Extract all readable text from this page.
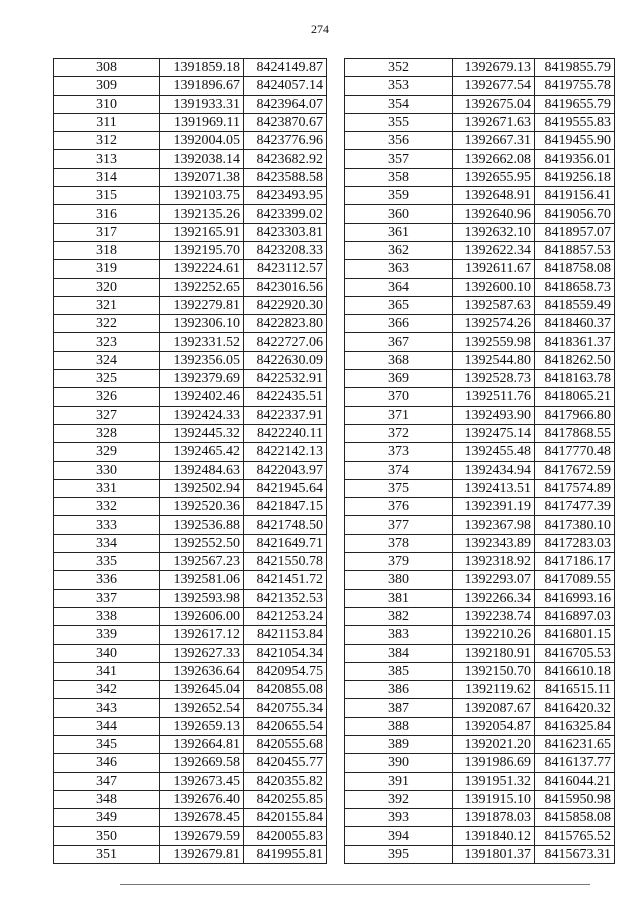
274
308	1391859.18	8424149.87
309	1391896.67	8424057.14
310	1391933.31	8423964.07
311	1391969.11	8423870.67
312	1392004.05	8423776.96
313	1392038.14	8423682.92
314	1392071.38	8423588.58
315	1392103.75	8423493.95
316	1392135.26	8423399.02
317	1392165.91	8423303.81
318	1392195.70	8423208.33
319	1392224.61	8423112.57
320	1392252.65	8423016.56
321	1392279.81	8422920.30
322	1392306.10	8422823.80
323	1392331.52	8422727.06
324	1392356.05	8422630.09
325	1392379.69	8422532.91
326	1392402.46	8422435.51
327	1392424.33	8422337.91
328	1392445.32	8422240.11
329	1392465.42	8422142.13
330	1392484.63	8422043.97
331	1392502.94	8421945.64
332	1392520.36	8421847.15
333	1392536.88	8421748.50
334	1392552.50	8421649.71
335	1392567.23	8421550.78
336	1392581.06	8421451.72
337	1392593.98	8421352.53
338	1392606.00	8421253.24
339	1392617.12	8421153.84
340	1392627.33	8421054.34
341	1392636.64	8420954.75
342	1392645.04	8420855.08
343	1392652.54	8420755.34
344	1392659.13	8420655.54
345	1392664.81	8420555.68
346	1392669.58	8420455.77
347	1392673.45	8420355.82
348	1392676.40	8420255.85
349	1392678.45	8420155.84
350	1392679.59	8420055.83
351	1392679.81	8419955.81
352	1392679.13	8419855.79
353	1392677.54	8419755.78
354	1392675.04	8419655.79
355	1392671.63	8419555.83
356	1392667.31	8419455.90
357	1392662.08	8419356.01
358	1392655.95	8419256.18
359	1392648.91	8419156.41
360	1392640.96	8419056.70
361	1392632.10	8418957.07
362	1392622.34	8418857.53
363	1392611.67	8418758.08
364	1392600.10	8418658.73
365	1392587.63	8418559.49
366	1392574.26	8418460.37
367	1392559.98	8418361.37
368	1392544.80	8418262.50
369	1392528.73	8418163.78
370	1392511.76	8418065.21
371	1392493.90	8417966.80
372	1392475.14	8417868.55
373	1392455.48	8417770.48
374	1392434.94	8417672.59
375	1392413.51	8417574.89
376	1392391.19	8417477.39
377	1392367.98	8417380.10
378	1392343.89	8417283.03
379	1392318.92	8417186.17
380	1392293.07	8417089.55
381	1392266.34	8416993.16
382	1392238.74	8416897.03
383	1392210.26	8416801.15
384	1392180.91	8416705.53
385	1392150.70	8416610.18
386	1392119.62	8416515.11
387	1392087.67	8416420.32
388	1392054.87	8416325.84
389	1392021.20	8416231.65
390	1391986.69	8416137.77
391	1391951.32	8416044.21
392	1391915.10	8415950.98
393	1391878.03	8415858.08
394	1391840.12	8415765.52
395	1391801.37	8415673.31
